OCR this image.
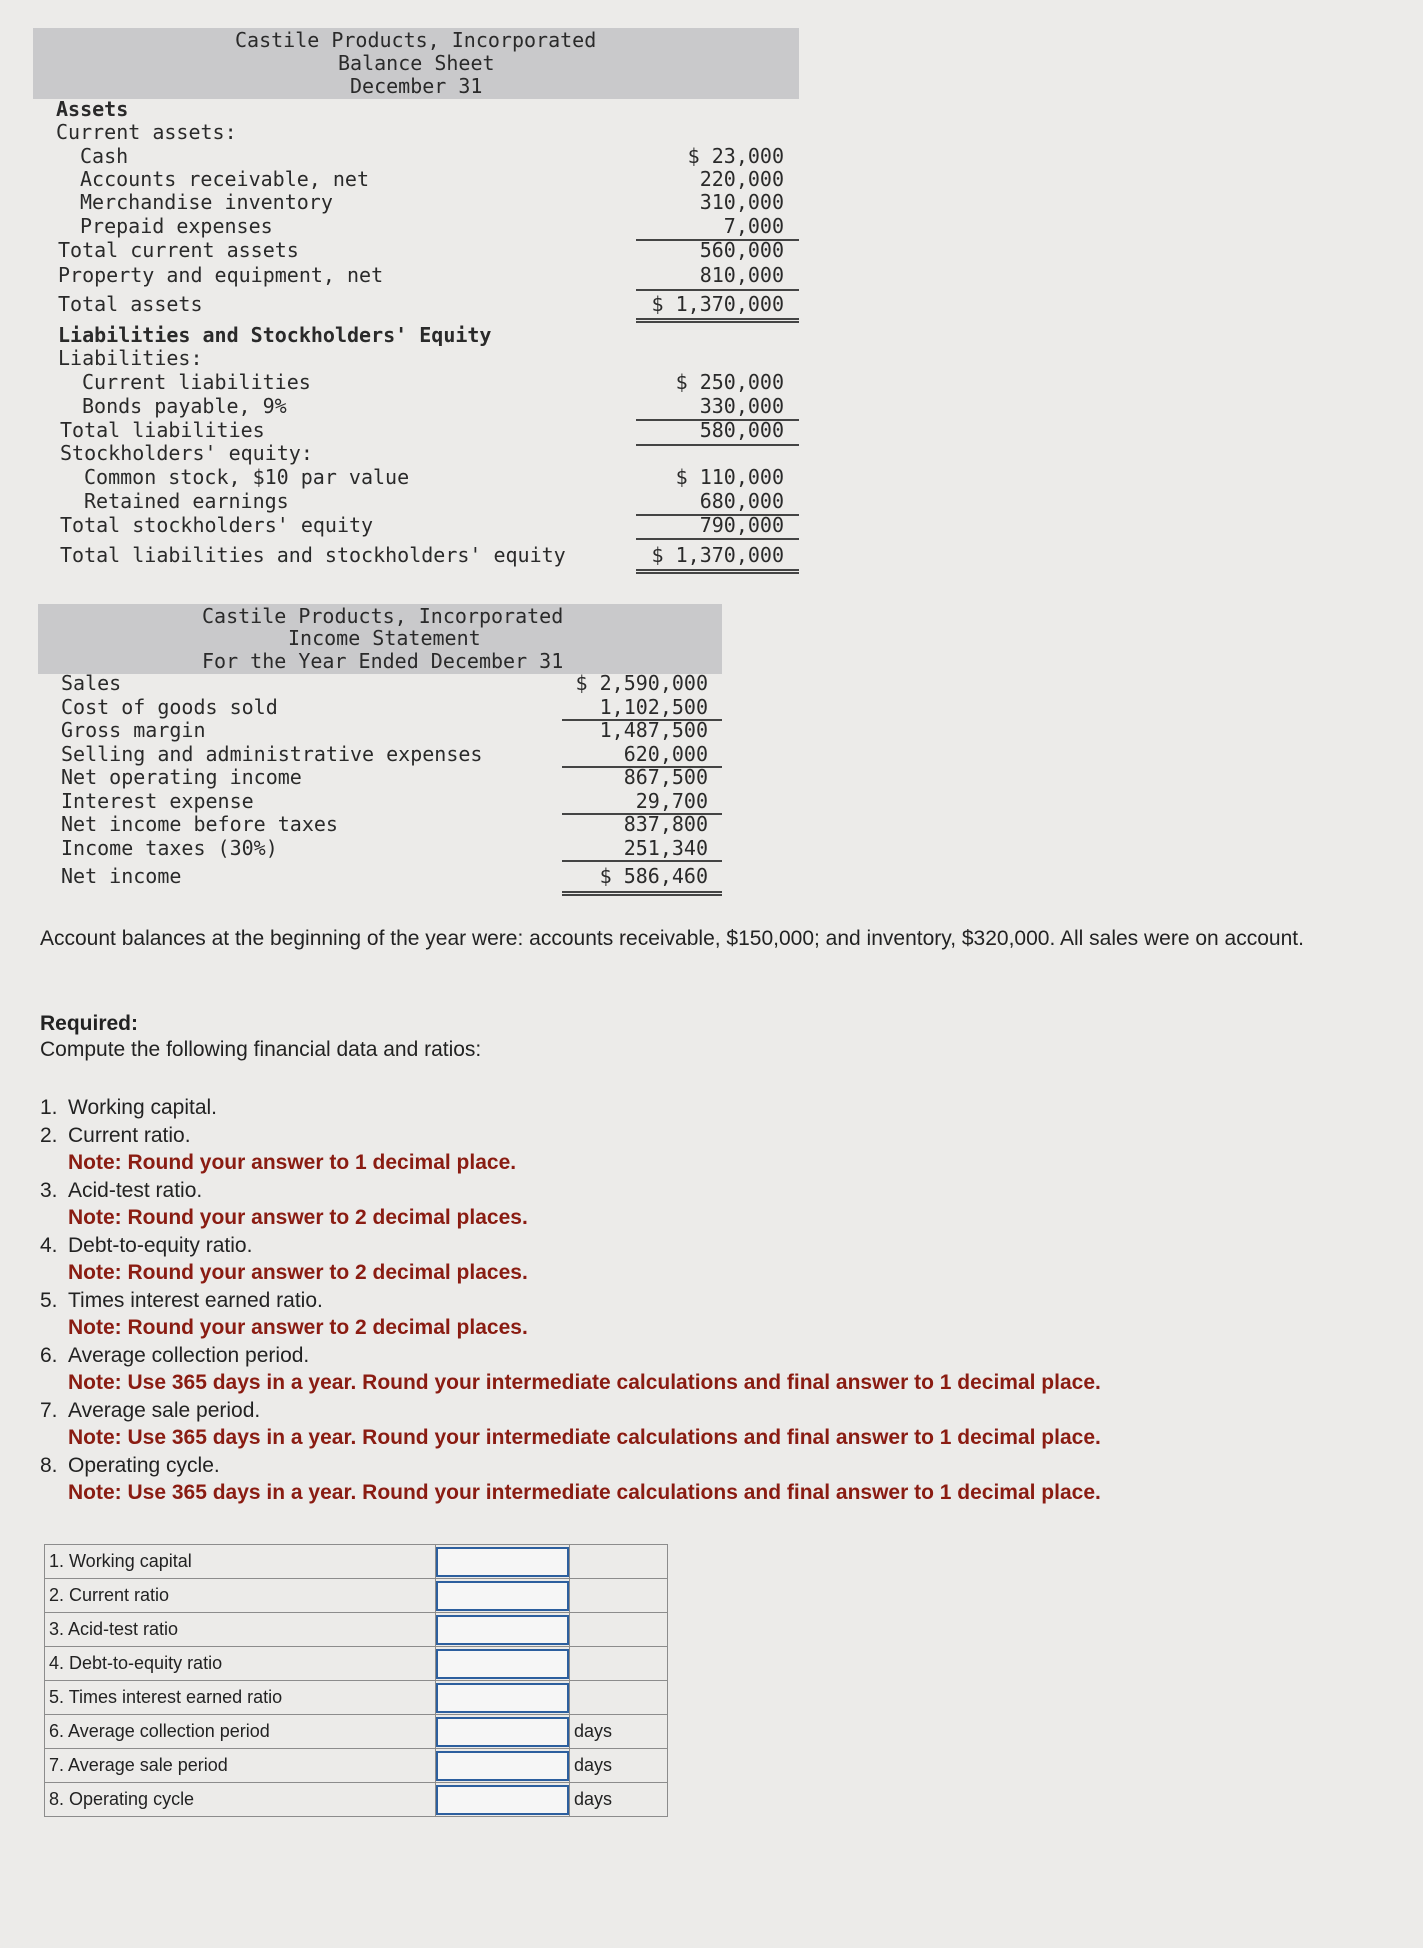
Castile Products, Incorporated
Balance Sheet
December 31
Assets
Current assets:
Cash	$ 23,000
Accounts receivable, net	220,000
Merchandise inventory	310,000
Prepaid expenses	7,000
Total current assets	560,000
Property and equipment, net	810,000
Total assets	$ 1,370,000
Liabilities and Stockholders' Equity
Liabilities:
Current liabilities	$ 250,000
Bonds payable, 9%	330,000
Total liabilities	580,000
Stockholders' equity:
Common stock, $10 par value	$ 110,000
Retained earnings	680,000
Total stockholders' equity	790,000
Total liabilities and stockholders' equity	$ 1,370,000
Castile Products, Incorporated
Income Statement
For the Year Ended December 31
Sales	$ 2,590,000
Cost of goods sold	1,102,500
Gross margin	1,487,500
Selling and administrative expenses	620,000
Net operating income	867,500
Interest expense	29,700
Net income before taxes	837,800
Income taxes (30%)	251,340
Net income	$ 586,460
Account balances at the beginning of the year were: accounts receivable, $150,000; and inventory, $320,000. All sales were on account.
Required:
Compute the following financial data and ratios:
1. Working capital.
2. Current ratio.
Note: Round your answer to 1 decimal place.
3. Acid-test ratio.
Note: Round your answer to 2 decimal places.
4. Debt-to-equity ratio.
Note: Round your answer to 2 decimal places.
5. Times interest earned ratio.
Note: Round your answer to 2 decimal places.
6. Average collection period.
Note: Use 365 days in a year. Round your intermediate calculations and final answer to 1 decimal place.
7. Average sale period.
Note: Use 365 days in a year. Round your intermediate calculations and final answer to 1 decimal place.
8. Operating cycle.
Note: Use 365 days in a year. Round your intermediate calculations and final answer to 1 decimal place.
1. Working capital		
2. Current ratio		
3. Acid-test ratio		
4. Debt-to-equity ratio		
5. Times interest earned ratio		
6. Average collection period		days
7. Average sale period		days
8. Operating cycle		days
